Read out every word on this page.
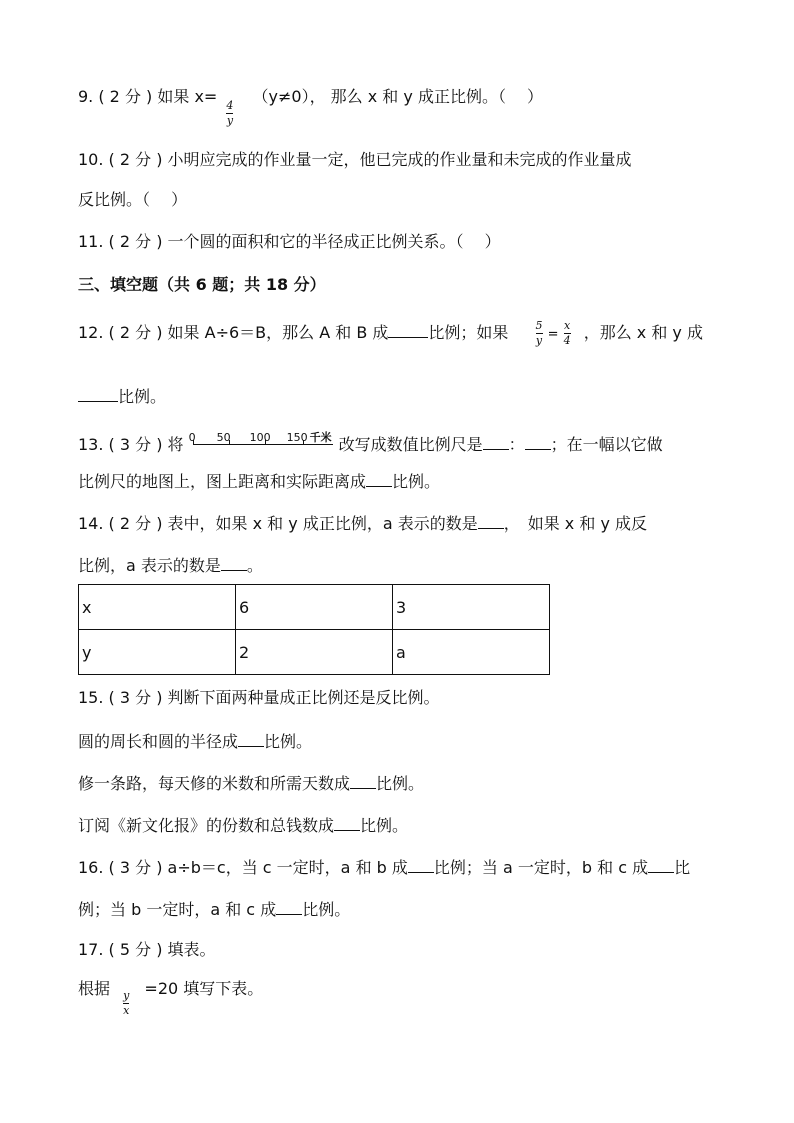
9. ( 2 分 ) 如果 x=
$\frac{4}{y}$
（y≠0）， 那么 x 和 y 成正比例。（　 ）
10. ( 2 分 ) 小明应完成的作业量一定，他已完成的作业量和未完成的作业量成
反比例。（　 ）
11. ( 2 分 ) 一个圆的面积和它的半径成正比例关系。（　 ）
三、填空题（共 6 题；共 18 分）
12. ( 2 分 ) 如果 A÷6＝B，那么 A 和 B 成	比例；如果 $\frac{5}{y} = \frac{x}{4}$ ，那么 x 和 y 成
比例。
13. ( 3 分 ) 将 0 50 100 150 千米 改写成数值比例尺是 ： ；在一幅以它做
比例尺的地图上，图上距离和实际距离成 比例。
14. ( 2 分 ) 表中，如果 x 和 y 成正比例，a 表示的数是 ，　如果 x 和 y 成反
比例，a 表示的数是 。
x	6	3
y	2	a
15. ( 3 分 ) 判断下面两种量成正比例还是反比例。
圆的周长和圆的半径成 比例。
修一条路，每天修的米数和所需天数成 比例。
订阅《新文化报》的份数和总钱数成 比例。
16. ( 3 分 ) a÷b＝c，当 c 一定时，a 和 b 成 比例；当 a 一定时，b 和 c 成 比
例；当 b 一定时，a 和 c 成 比例。
17. ( 5 分 ) 填表。
根据
$\frac{y}{x}$
=20 填写下表。
